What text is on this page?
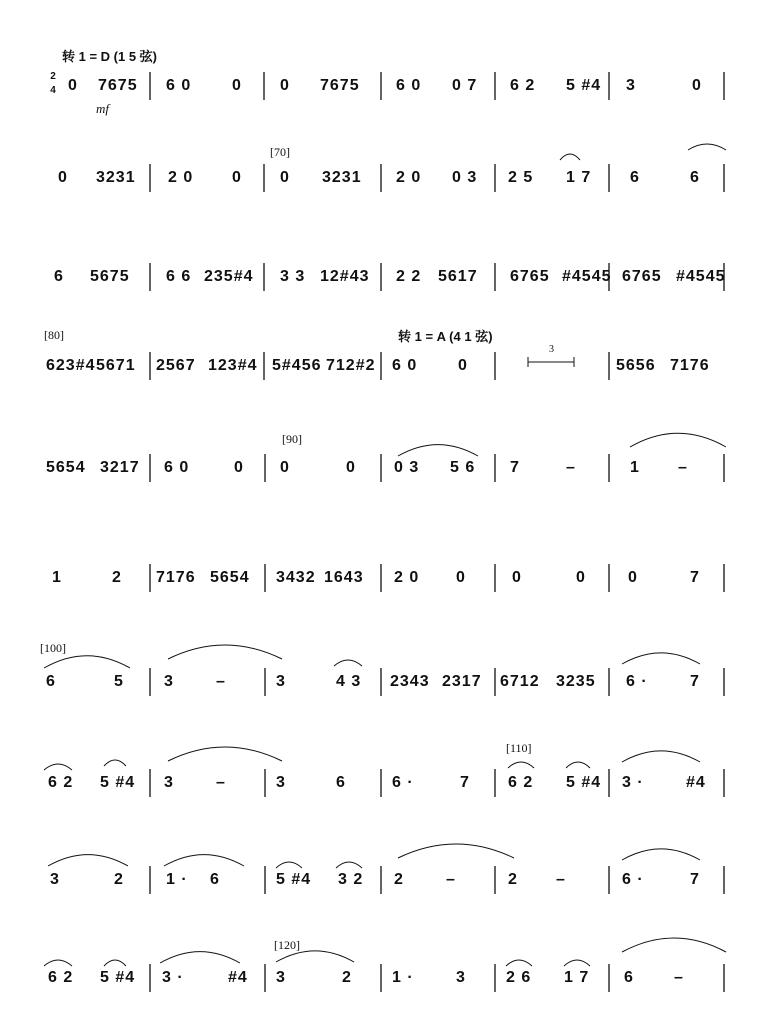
转 1 = D (1 5 弦)
转 1 = A (4 1 弦)
2
4
mf
3
[70]
[80]
[90]
[100]
[110]
[120]
0 7675 6 0	0 0 7675 6 0 0 7 6 2 5 #4 3	0
0 3231 2 0 0 0 3231 2 0 0 3 2 5 1 7 6	6
6 5675 6 6 235#4 3 3 12#43 2 2 5617 6765 #4545 6765 #4545
623#4 5671 2567 123#4 5#456 712#2 6 0	0	5656 7176
5654 3217 6 0	0 0	0 0 3 5 6 7	–	1 –
1	2 7176 5654 3432 1643 2 0 0	0	0	0	7
6	5	3	–	3	4 3 2343 2317 6712 3235 6 ·	7
6 2 5 #4 3	–	3	6	6 ·	7 6 2 5 #4 3 ·	#4
3	2	1 · 6	5 #4 3 2 2	–	2 –	6 ·	7
6 2 5 #4 3 ·	#4 3	2	1 ·	3	2 6 1 7 6	–
